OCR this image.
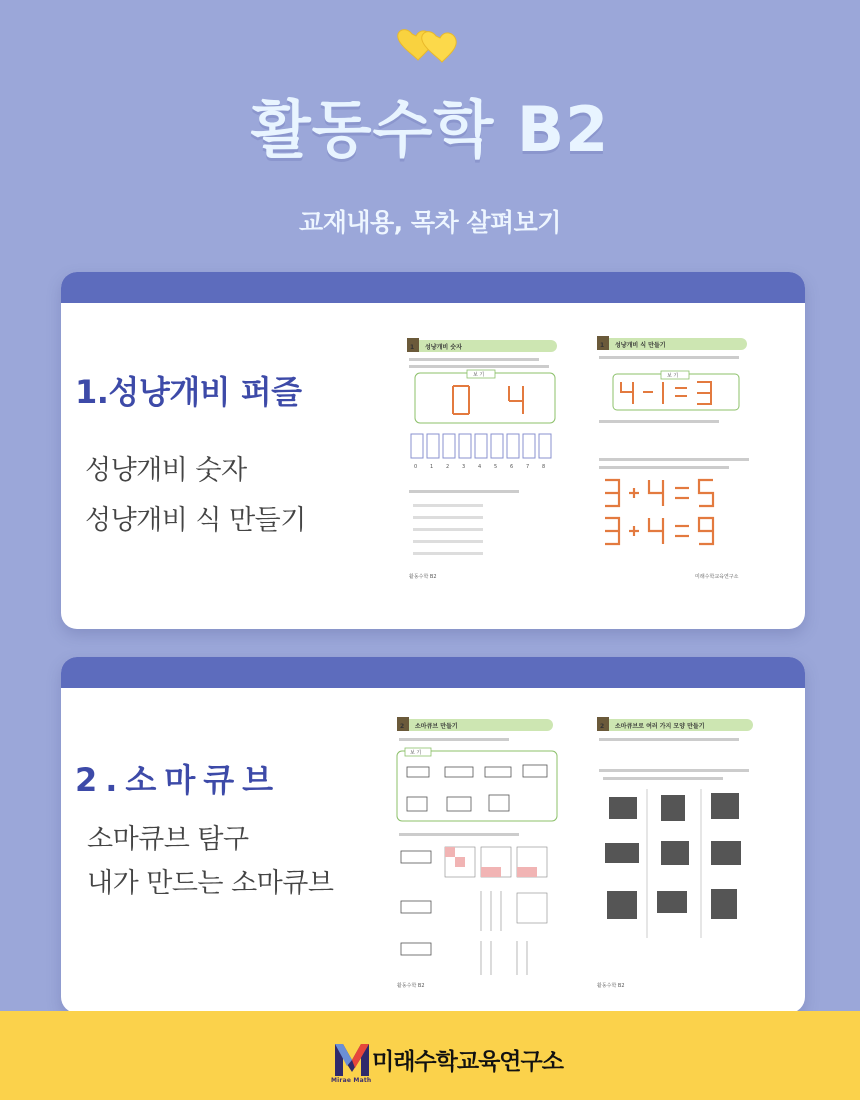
활동수학 B2
교재내용, 목차 살펴보기
1.성냥개비 퍼즐
성냥개비 숫자
성냥개비 식 만들기
1 성냥개비 숫자
보 기
0	1	2	3	4	5	6	7	8
활동수학 B2
1 성냥개비 식 만들기
보 기
미래수학교육연구소
2.소마큐브
소마큐브 탐구
내가 만드는 소마큐브
2 소마큐브 만들기
보 기
활동수학 B2
2 소마큐브로 여러 가지 모양 만들기
활동수학 B2
Mirae Math
미래수학교육연구소
